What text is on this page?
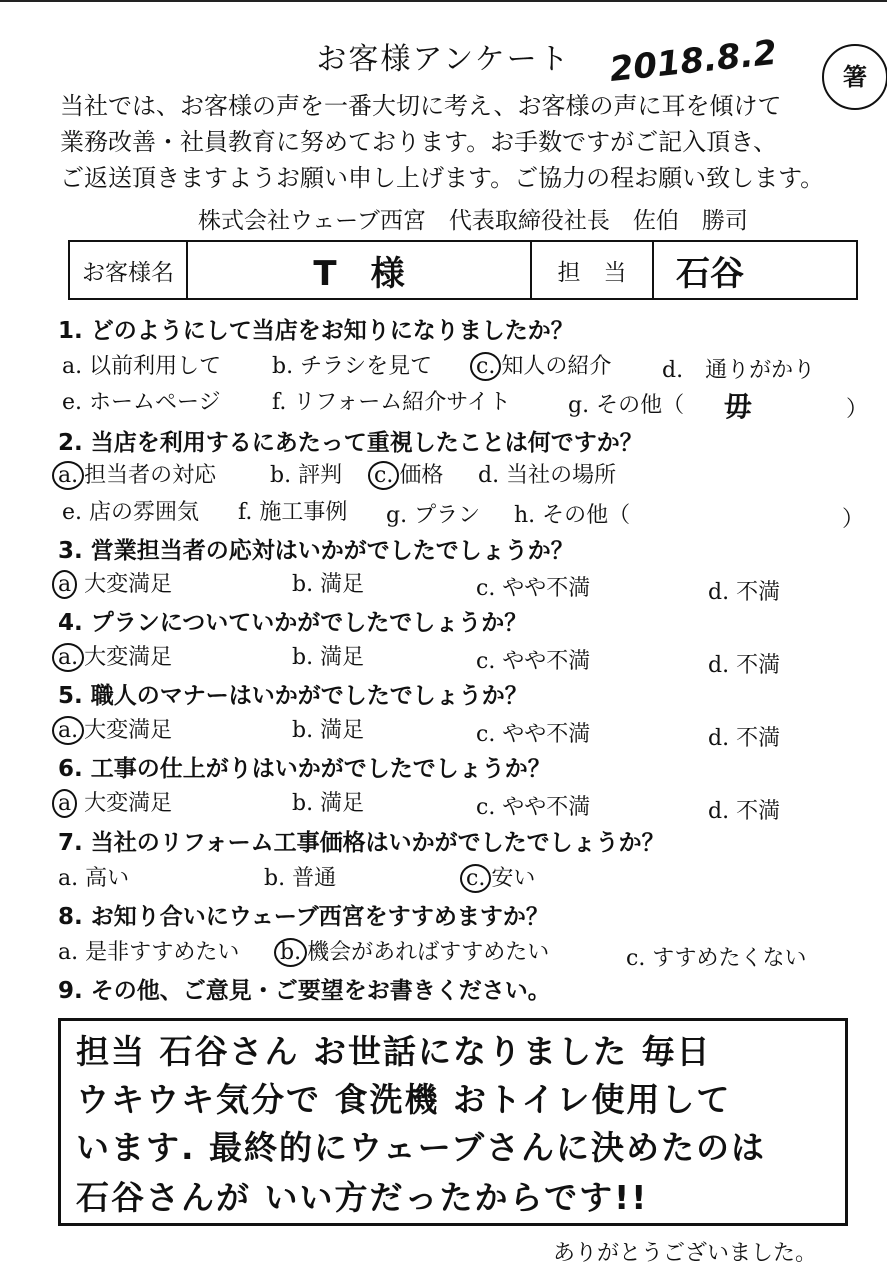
お客様アンケート	2018.8.2	箸
当社では、お客様の声を一番大切に考え、お客様の声に耳を傾けて
業務改善・社員教育に努めております。お手数ですがご記入頂き、
ご返送頂きますようお願い申し上げます。ご協力の程お願い致します。
株式会社ウェーブ西宮　代表取締役社長　佐伯　勝司
お客様名	T　様	担　当	石谷
1. どのようにして当店をお知りになりましたか？
a. 以前利用して b. チラシを見て c. 知人の紹介 d.　通りがかり
e. ホームページ f. リフォーム紹介サイト	g. その他（ 毋	）
2. 当店を利用するにあたって重視したことは何ですか？
a. 担当者の対応 b. 評判 c. 価格 d. 当社の場所
e. 店の雰囲気 f. 施工事例 g. プラン h. その他（	）
3. 営業担当者の応対はいかがでしたでしょうか？
a 大変満足	b. 満足	c. やや不満	d. 不満
4. プランについていかがでしたでしょうか？
a. 大変満足	b. 満足	c. やや不満	d. 不満
5. 職人のマナーはいかがでしたでしょうか？
a. 大変満足	b. 満足	c. やや不満	d. 不満
6. 工事の仕上がりはいかがでしたでしょうか？
a 大変満足	b. 満足	c. やや不満	d. 不満
7. 当社のリフォーム工事価格はいかがでしたでしょうか？
a. 高い	b. 普通	c. 安い
8. お知り合いにウェーブ西宮をすすめますか？
a. 是非すすめたい b. 機会があればすすめたい	c. すすめたくない
9. その他、ご意見・ご要望をお書きください。
担当 石谷さん お世話になりました 毎日
ウキウキ気分で 食洗機 おトイレ使用して
います. 最終的にウェーブさんに決めたのは
石谷さんが いい方だったからです!!
ありがとうございました。
